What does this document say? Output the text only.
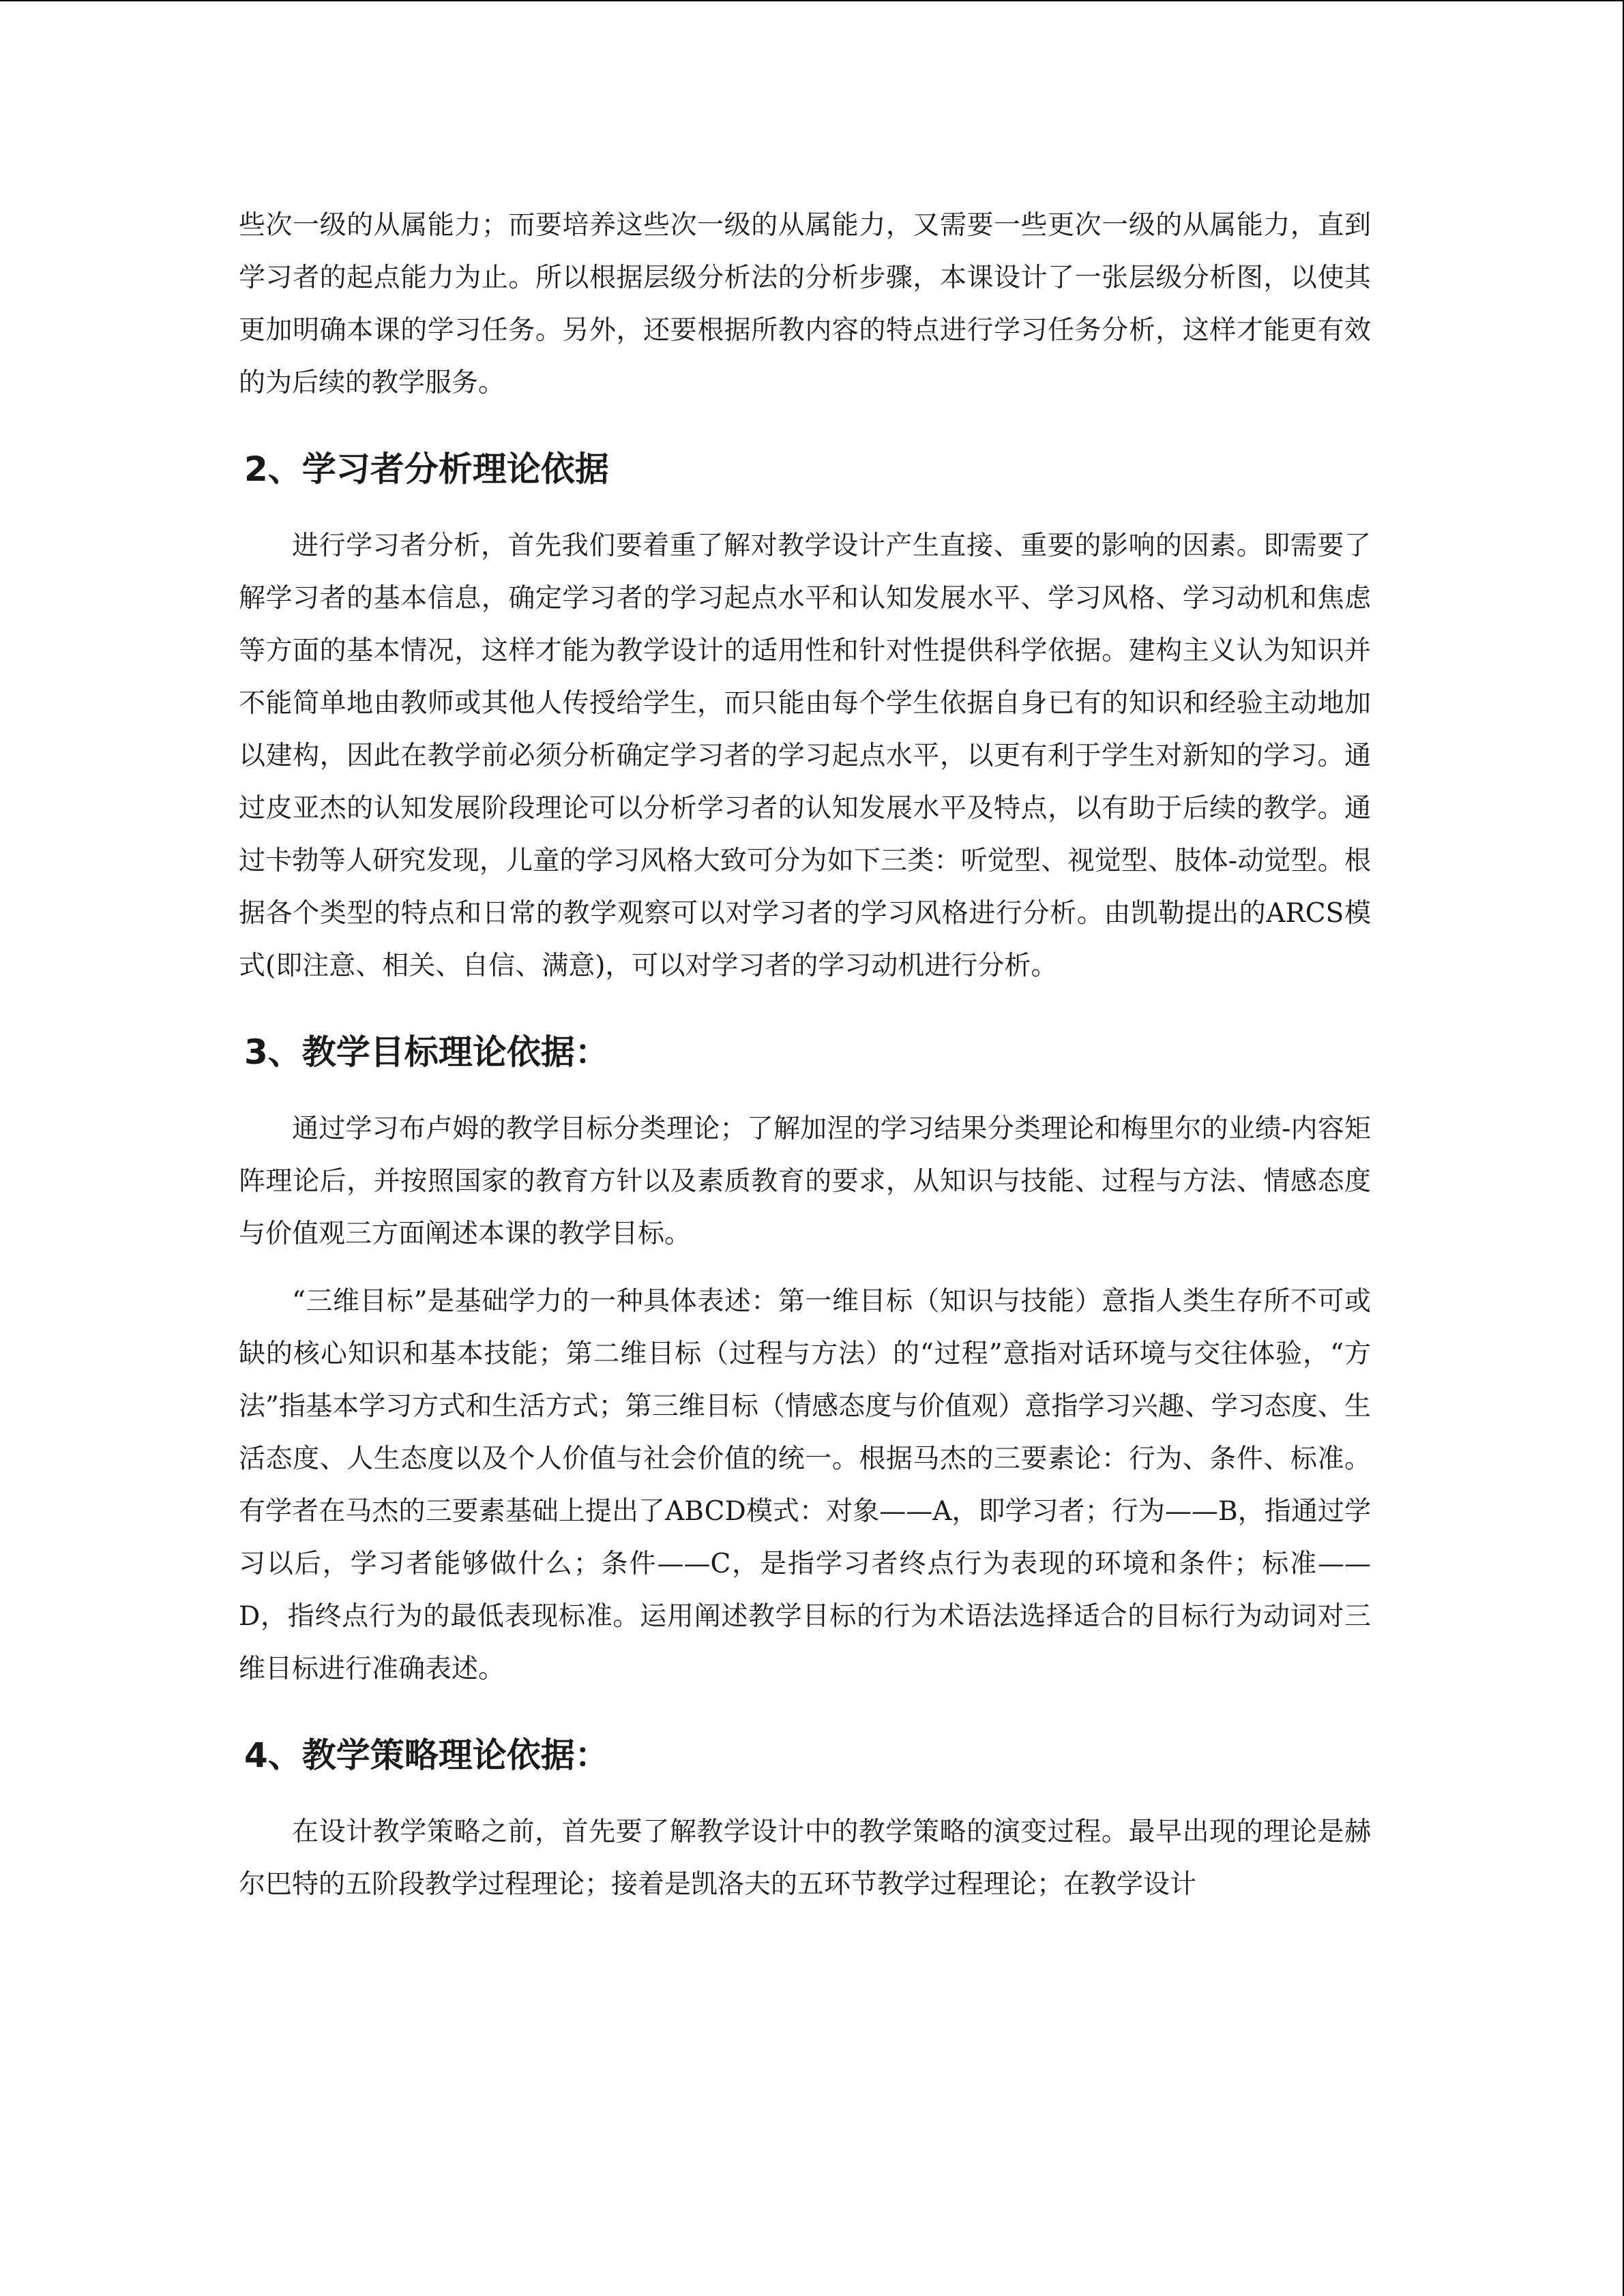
些次一级的从属能力；而要培养这些次一级的从属能力，又需要一些更次一级的从属能力，直到学习者的起点能力为止。所以根据层级分析法的分析步骤，本课设计了一张层级分析图，以使其更加明确本课的学习任务。另外，还要根据所教内容的特点进行学习任务分析，这样才能更有效的为后续的教学服务。

2、学习者分析理论依据

进行学习者分析，首先我们要着重了解对教学设计产生直接、重要的影响的因素。即需要了解学习者的基本信息，确定学习者的学习起点水平和认知发展水平、学习风格、学习动机和焦虑等方面的基本情况，这样才能为教学设计的适用性和针对性提供科学依据。建构主义认为知识并不能简单地由教师或其他人传授给学生，而只能由每个学生依据自身已有的知识和经验主动地加以建构，因此在教学前必须分析确定学习者的学习起点水平，以更有利于学生对新知的学习。通过皮亚杰的认知发展阶段理论可以分析学习者的认知发展水平及特点，以有助于后续的教学。通过卡勃等人研究发现，儿童的学习风格大致可分为如下三类：听觉型、视觉型、肢体-动觉型。根据各个类型的特点和日常的教学观察可以对学习者的学习风格进行分析。由凯勒提出的ARCS模式(即注意、相关、自信、满意)，可以对学习者的学习动机进行分析。

3、教学目标理论依据：

通过学习布卢姆的教学目标分类理论；了解加涅的学习结果分类理论和梅里尔的业绩-内容矩阵理论后，并按照国家的教育方针以及素质教育的要求，从知识与技能、过程与方法、情感态度与价值观三方面阐述本课的教学目标。

“三维目标”是基础学力的一种具体表述：第一维目标（知识与技能）意指人类生存所不可或缺的核心知识和基本技能；第二维目标（过程与方法）的“过程”意指对话环境与交往体验，“方法”指基本学习方式和生活方式；第三维目标（情感态度与价值观）意指学习兴趣、学习态度、生活态度、人生态度以及个人价值与社会价值的统一。根据马杰的三要素论：行为、条件、标准。有学者在马杰的三要素基础上提出了ABCD模式：对象——A，即学习者；行为——B，指通过学习以后，学习者能够做什么；条件——C，是指学习者终点行为表现的环境和条件；标准——D，指终点行为的最低表现标准。运用阐述教学目标的行为术语法选择适合的目标行为动词对三维目标进行准确表述。

4、教学策略理论依据：

在设计教学策略之前，首先要了解教学设计中的教学策略的演变过程。最早出现的理论是赫尔巴特的五阶段教学过程理论；接着是凯洛夫的五环节教学过程理论；在教学设计
